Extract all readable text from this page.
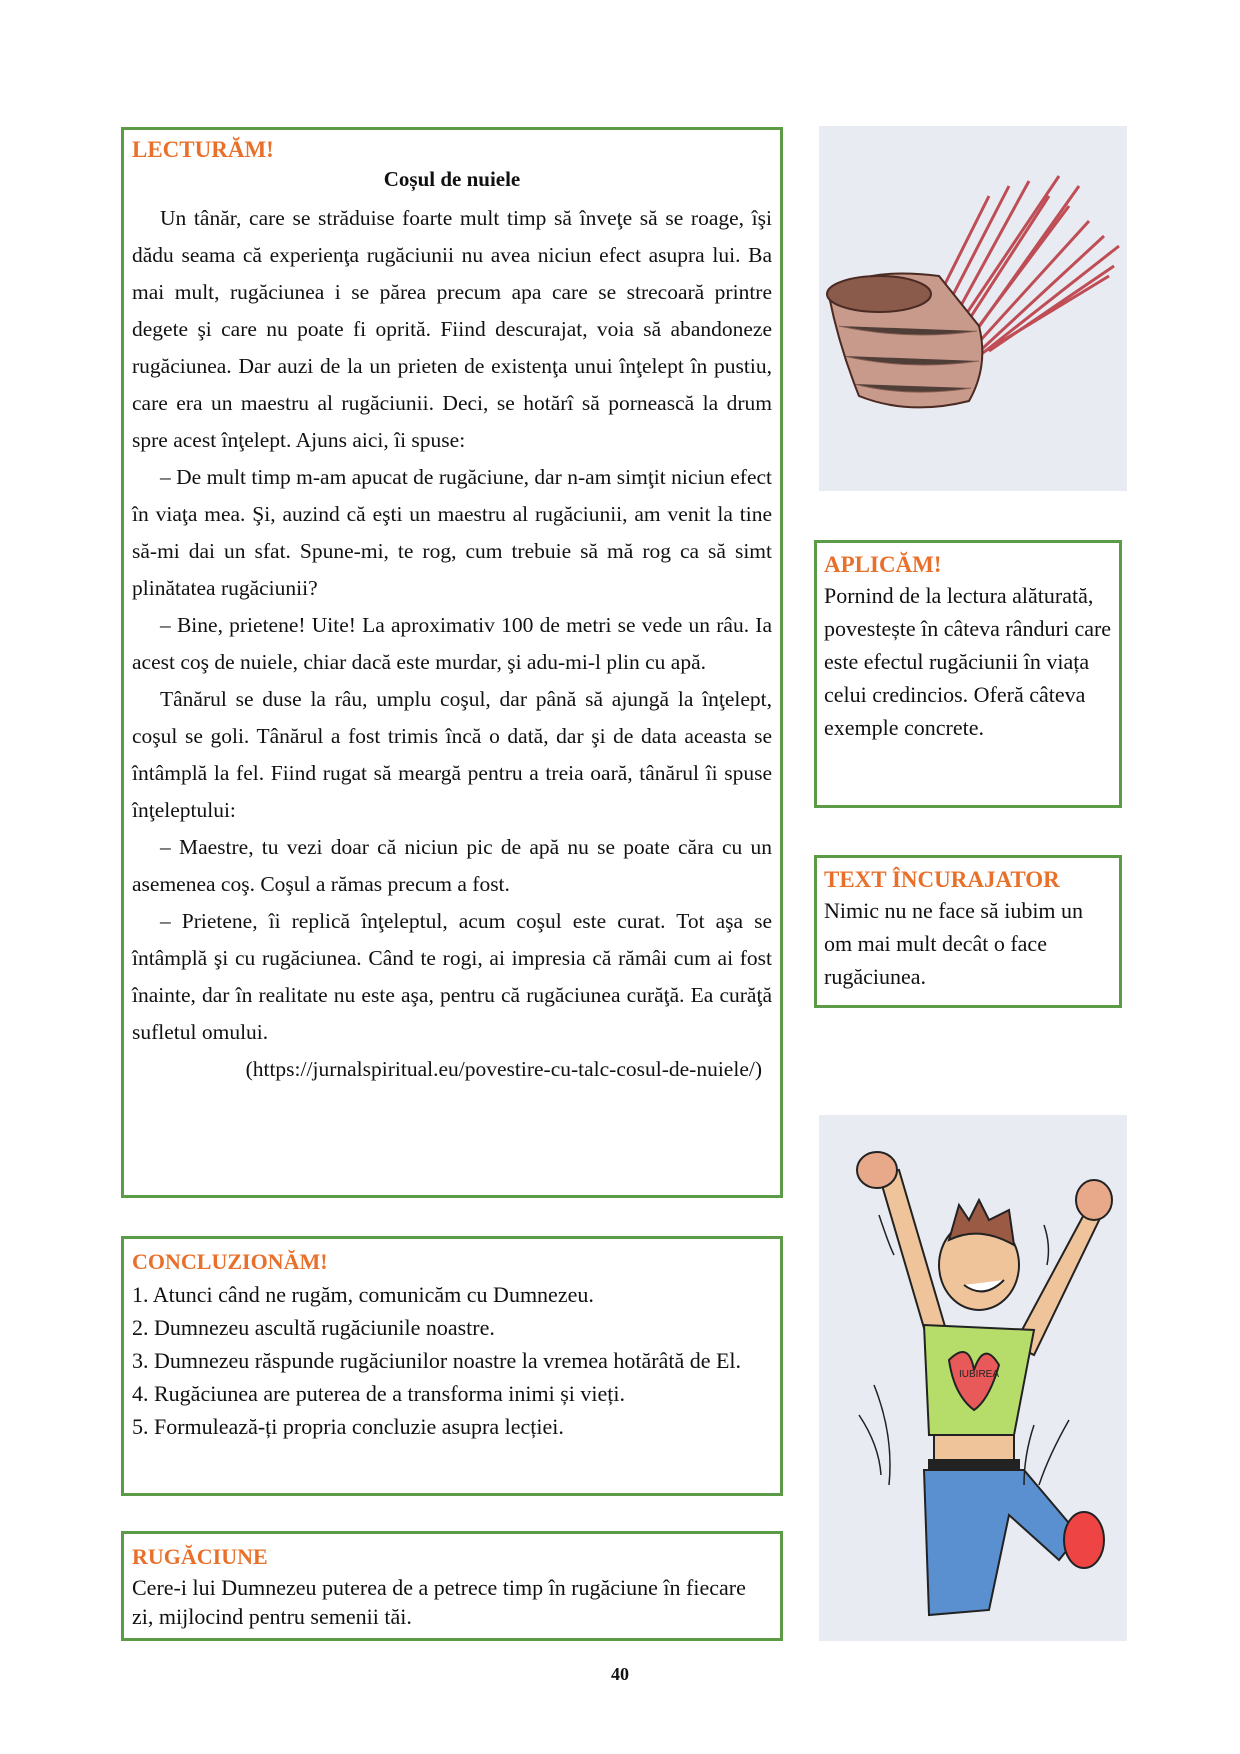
LECTURĂM!
Coșul de nuiele

Un tânăr, care se străduise foarte mult timp să înveţe să se roage, îşi dădu seama că experienţa rugăciunii nu avea niciun efect asupra lui. Ba mai mult, rugăciunea i se părea precum apa care se strecoară printre degete şi care nu poate fi oprită. Fiind descurajat, voia să abandoneze rugăciunea. Dar auzi de la un prieten de existenţa unui înţelept în pustiu, care era un maestru al rugăciunii. Deci, se hotărî să pornească la drum spre acest înţelept. Ajuns aici, îi spuse:

– De mult timp m-am apucat de rugăciune, dar n-am simţit niciun efect în viaţa mea. Şi, auzind că eşti un maestru al rugăciunii, am venit la tine să-mi dai un sfat. Spune-mi, te rog, cum trebuie să mă rog ca să simt plinătatea rugăciunii?

– Bine, prietene! Uite! La aproximativ 100 de metri se vede un râu. Ia acest coş de nuiele, chiar dacă este murdar, şi adu-mi-l plin cu apă.

Tânărul se duse la râu, umplu coşul, dar până să ajungă la înţelept, coşul se goli. Tânărul a fost trimis încă o dată, dar şi de data aceasta se întâmplă la fel. Fiind rugat să meargă pentru a treia oară, tânărul îi spuse înţeleptului:

– Maestre, tu vezi doar că niciun pic de apă nu se poate căra cu un asemenea coş. Coşul a rămas precum a fost.

– Prietene, îi replică înţeleptul, acum coşul este curat. Tot aşa se întâmplă şi cu rugăciunea. Când te rogi, ai impresia că rămâi cum ai fost înainte, dar în realitate nu este aşa, pentru că rugăciunea curăţă. Ea curăţă sufletul omului.

(https://jurnalspiritual.eu/povestire-cu-talc-cosul-de-nuiele/)
APLICĂM!
Pornind de la lectura alăturată, povestește în câteva rânduri care este efectul rugăciunii în viața celui credincios. Oferă câteva exemple concrete.
TEXT ÎNCURAJATOR
Nimic nu ne face să iubim un om mai mult decât o face rugăciunea.
CONCLUZIONĂM!
1. Atunci când ne rugăm, comunicăm cu Dumnezeu.
2. Dumnezeu ascultă rugăciunile noastre.
3. Dumnezeu răspunde rugăciunilor noastre la vremea hotărâtă de El.
4. Rugăciunea are puterea de a transforma inimi și vieți.
5. Formulează-ți propria concluzie asupra lecției.
RUGĂCIUNE
Cere-i lui Dumnezeu puterea de a petrece timp în rugăciune în fiecare zi, mijlocind pentru semenii tăi.
IUBIREA
40
